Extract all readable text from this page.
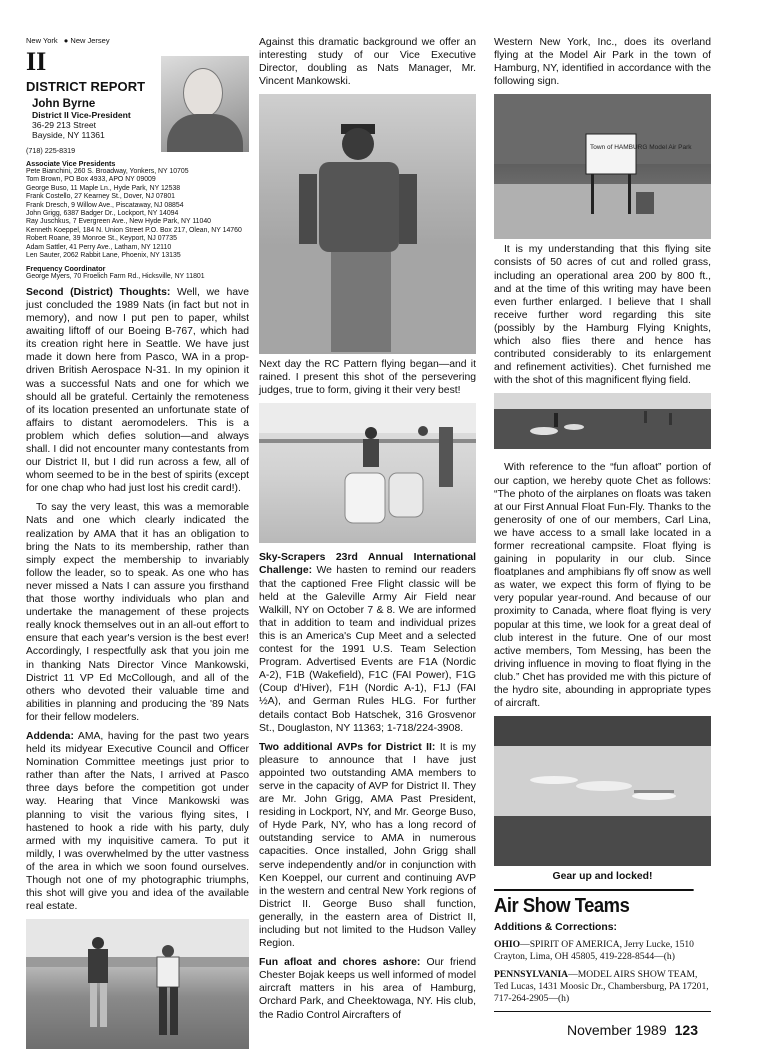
New York ● New Jersey
II
DISTRICT REPORT
John Byrne
District II Vice-President
36-29 213 Street
Bayside, NY 11361
(718) 225-8319
Associate Vice Presidents
Pete Bianchini, 260 S. Broadway, Yonkers, NY 10705
Tom Brown, PO Box 4933, APO NY 09009
George Buso, 11 Maple Ln., Hyde Park, NY 12538
Frank Costello, 27 Kearney St., Dover, NJ 07801
Frank Dresch, 9 Willow Ave., Piscataway, NJ 08854
John Grigg, 6387 Badger Dr., Lockport, NY 14094
Ray Juschkus, 7 Evergreen Ave., New Hyde Park, NY 11040
Kenneth Koeppel, 184 N. Union Street P.O. Box 217, Olean, NY 14760
Robert Roane, 39 Monroe St., Keyport, NJ 07735
Adam Sattler, 41 Perry Ave., Latham, NY 12110
Len Sauter, 2062 Rabbit Lane, Phoenix, NY 13135
Frequency Coordinator
George Myers, 70 Froelich Farm Rd., Hicksville, NY 11801

Second (District) Thoughts: Well, we have just concluded the 1989 Nats (in fact but not in memory), and now I put pen to paper, whilst awaiting liftoff of our Boeing B-767, which had its creation right here in Seattle. We have just made it down here from Pasco, WA in a prop-driven British Aerospace N-31. In my opinion it was a successful Nats and one for which we should all be grateful. Certainly the remoteness of its location presented an unfortunate state of affairs to distant aeromodelers. This is a problem which defies solution—and always shall. I did not encounter many contestants from our District II, but I did run across a few, all of whom seemed to be in the best of spirits (except for one chap who had just lost his credit card!).

To say the very least, this was a memorable Nats and one which clearly indicated the realization by AMA that it has an obligation to bring the Nats to its membership, rather than simply expect the membership to invariably follow the leader, so to speak. As one who has never missed a Nats I can assure you firsthand that those worthy individuals who plan and undertake the management of these projects really knock themselves out in an all-out effort to ensure that each year's version is the best ever! Accordingly, I respectfully ask that you join me in thanking Nats Director Vince Mankowski, District 11 VP Ed McCollough, and all of the others who devoted their valuable time and abilities in planning and producing the '89 Nats for their fellow modelers.

Addenda: AMA, having for the past two years held its midyear Executive Council and Officer Nomination Committee meetings just prior to rather than after the Nats, I arrived at Pasco three days before the competition got under way. Hearing that Vince Mankowski was planning to visit the various flying sites, I hastened to hook a ride with his party, duly armed with my inquisitive camera. To put it mildly, I was overwhelmed by the utter vastness of the area in which we soon found ourselves. Though not one of my photographic triumphs, this shot will give you and idea of the available real estate.

Against this dramatic background we offer an interesting study of our Vice Executive Director, doubling as Nats Manager, Mr. Vincent Mankowski.

Next day the RC Pattern flying began—and it rained. I present this shot of the persevering judges, true to form, giving it their very best!

Sky-Scrapers 23rd Annual International Challenge: We hasten to remind our readers that the captioned Free Flight classic will be held at the Galeville Army Air Field near Walkill, NY on October 7 & 8. We are informed that in addition to team and individual prizes this is an America's Cup Meet and a selected contest for the 1991 U.S. Team Selection Program. Advertised Events are F1A (Nordic A-2), F1B (Wakefield), F1C (FAI Power), F1G (Coup d'Hiver), F1H (Nordic A-1), F1J (FAI ½A), and German Rules HLG. For further details contact Bob Hatschek, 316 Grosvenor St., Douglaston, NY 11363; 1-718/224-3908.

Two additional AVPs for District II: It is my pleasure to announce that I have just appointed two outstanding AMA members to serve in the capacity of AVP for District II. They are Mr. John Grigg, AMA Past President, residing in Lockport, NY, and Mr. George Buso, of Hyde Park, NY, who has a long record of outstanding service to AMA in numerous capacities. Once installed, John Grigg shall serve independently and/or in conjunction with Ken Koeppel, our current and continuing AVP in the western and central New York regions of District II. George Buso shall function, generally, in the eastern area of District II, including but not limited to the Hudson Valley Region.

Fun afloat and chores ashore: Our friend Chester Bojak keeps us well informed of model aircraft matters in his area of Hamburg, Orchard Park, and Cheektowaga, NY. His club, the Radio Control Aircrafters of

Western New York, Inc., does its overland flying at the Model Air Park in the town of Hamburg, NY, identified in accordance with the following sign.

Town of HAMBURG Model Air Park

It is my understanding that this flying site consists of 50 acres of cut and rolled grass, including an operational area 200 by 800 ft., and at the time of this writing may have been even further enlarged. I believe that I shall receive further word regarding this site (possibly by the Hamburg Flying Knights, which also flies there and hence has contributed considerably to its enlargement and refinement activities). Chet furnished me with the shot of this magnificent flying field.

With reference to the “fun afloat” portion of our caption, we hereby quote Chet as follows: “The photo of the airplanes on floats was taken at our First Annual Float Fun-Fly. Thanks to the generosity of one of our members, Carl Lina, we have access to a small lake located in a former recreational campsite. Float flying is gaining in popularity in our club. Since floatplanes and amphibians fly off snow as well as water, we expect this form of flying to be very popular year-round. And because of our proximity to Canada, where float flying is very popular at this time, we look for a great deal of club interest in the future. One of our most active members, Tom Messing, has been the driving influence in moving to float flying in the club.” Chet has provided me with this picture of the hydro site, abounding in appropriate types of aircraft.

Gear up and locked!
Air Show Teams
Additions & Corrections:
OHIO—SPIRIT OF AMERICA, Jerry Lucke, 1510 Crayton, Lima, OH 45805, 419-228-8544—(h)
PENNSYLVANIA—MODEL AIRS SHOW TEAM, Ted Lucas, 1431 Moosic Dr., Chambersburg, PA 17201, 717-264-2905—(h)
November 1989 123
